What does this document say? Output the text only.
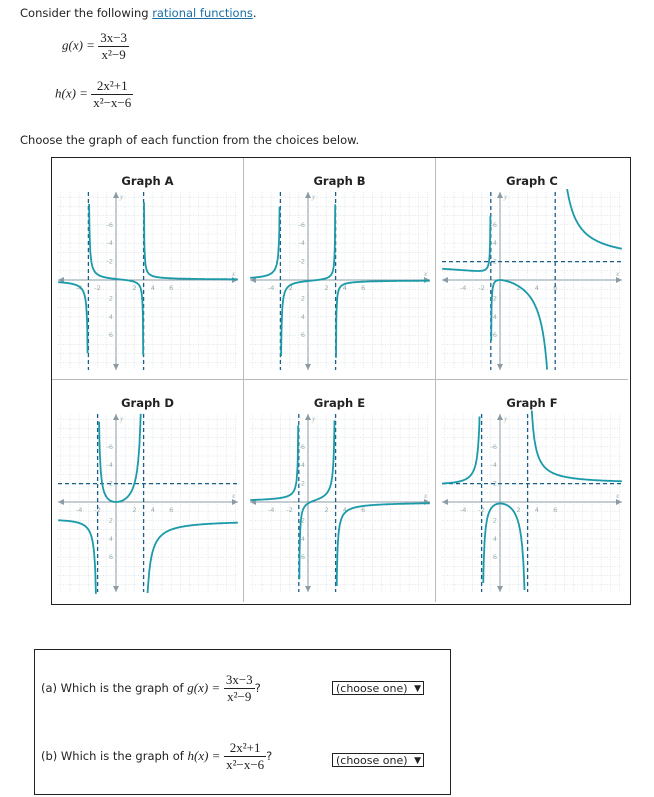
Consider the following rational functions.
$g(x) = \frac{3x-3}{\text{x²−9}}$
$h(x) = \frac{\text{2x²+1}}{\text{x²−x−6}}$
Choose the graph of each function from the choices below.
Graph A
-4 -2	2 4 6
-6
-4
-2
2
4
6
x
y
Graph B
-4 -2	2 4 6
-6
-4
-2
2
4
6
x
y
Graph C
-4 -2	2 4 6
-6
-4
-2
2
4
6
x
y
Graph D
-4 -2	2 4 6
-6
-4
-2
2
4
6
x
y
Graph E
-4 -2	2 4 6
-6
-4
-2
2
4
6
x
y
Graph F
-4 -2	2 4 6
-6
-4
-2
2
4
6
x
y
(a) Which is the graph of $g(x) = \frac{3x-3}{\text{x²−9}}$ ?	(choose one) ▼
(b) Which is the graph of $h(x) = \frac{\text{2x²+1}}{\text{x²−x−6}}$ ?	(choose one) ▼
